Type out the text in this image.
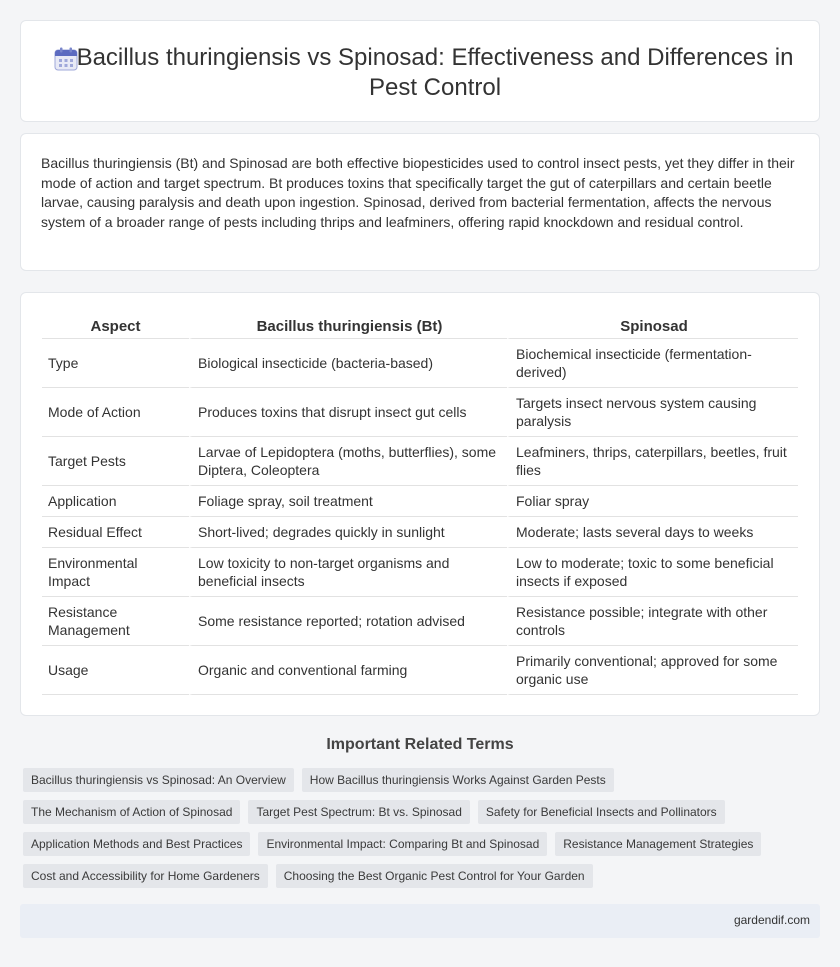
Bacillus thuringiensis vs Spinosad: Effectiveness and Differences in Pest Control

Bacillus thuringiensis (Bt) and Spinosad are both effective biopesticides used to control insect pests, yet they differ in their mode of action and target spectrum. Bt produces toxins that specifically target the gut of caterpillars and certain beetle larvae, causing paralysis and death upon ingestion. Spinosad, derived from bacterial fermentation, affects the nervous system of a broader range of pests including thrips and leafminers, offering rapid knockdown and residual control.

Aspect	Bacillus thuringiensis (Bt)	Spinosad
Type	Biological insecticide (bacteria-based)	Biochemical insecticide (fermentation-derived)
Mode of Action	Produces toxins that disrupt insect gut cells	Targets insect nervous system causing paralysis
Target Pests	Larvae of Lepidoptera (moths, butterflies), some Diptera, Coleoptera	Leafminers, thrips, caterpillars, beetles, fruit flies
Application	Foliage spray, soil treatment	Foliar spray
Residual Effect	Short-lived; degrades quickly in sunlight	Moderate; lasts several days to weeks
Environmental Impact	Low toxicity to non-target organisms and beneficial insects	Low to moderate; toxic to some beneficial insects if exposed
Resistance Management	Some resistance reported; rotation advised	Resistance possible; integrate with other controls
Usage	Organic and conventional farming	Primarily conventional; approved for some organic use
Important Related Terms
Bacillus thuringiensis vs Spinosad: An Overview	How Bacillus thuringiensis Works Against Garden Pests
The Mechanism of Action of Spinosad	Target Pest Spectrum: Bt vs. Spinosad	Safety for Beneficial Insects and Pollinators
Application Methods and Best Practices	Environmental Impact: Comparing Bt and Spinosad	Resistance Management Strategies
Cost and Accessibility for Home Gardeners	Choosing the Best Organic Pest Control for Your Garden
gardendif.com
